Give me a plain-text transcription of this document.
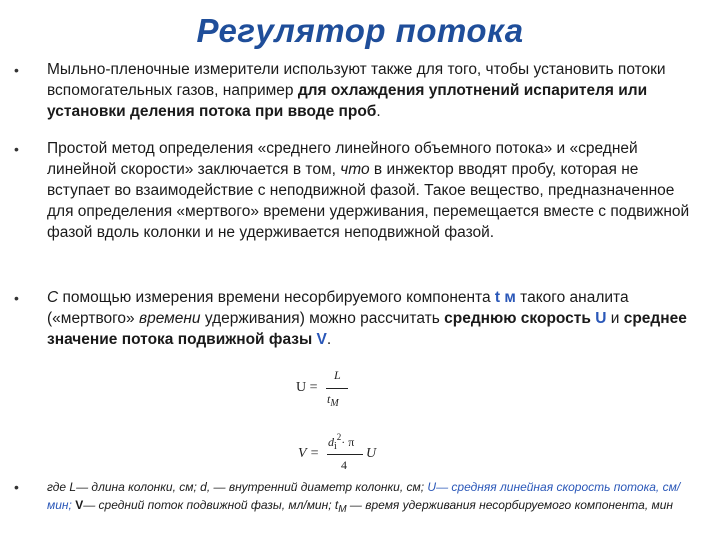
Регулятор потока
• Мыльно-пленочные измерители используют также для того, чтобы установить потоки вспомогательных газов, например для охлаждения уплотнений испарителя или установки деления потока при вводе проб.
• Простой метод определения «среднего линейного объемного потока» и «средней линейной скорости» заключается в том, что в инжектор вводят пробу, которая не вступает во взаимодействие с неподвижной фазой. Такое вещество, предназначенное для определения «мертвого» времени удерживания, перемещается вместе с подвижной фазой вдоль колонки и не удерживается неподвижной фазой.
• С помощью измерения времени несорбируемого компонента t м такого аналита («мертвого» времени удерживания) можно рассчитать среднюю скорость U и среднее значение потока подвижной фазы V.
U =
L
$t_M$
V =
$d_i^2\cdot \pi$
4
U
• где L— длина колонки, см; d, — внутренний диаметр колонки, см; U— средняя линейная скорость потока, см/мин; V— средний поток подвижной фазы, мл/мин; $t_M$ — время удерживания несорбируемого компонента, мин
